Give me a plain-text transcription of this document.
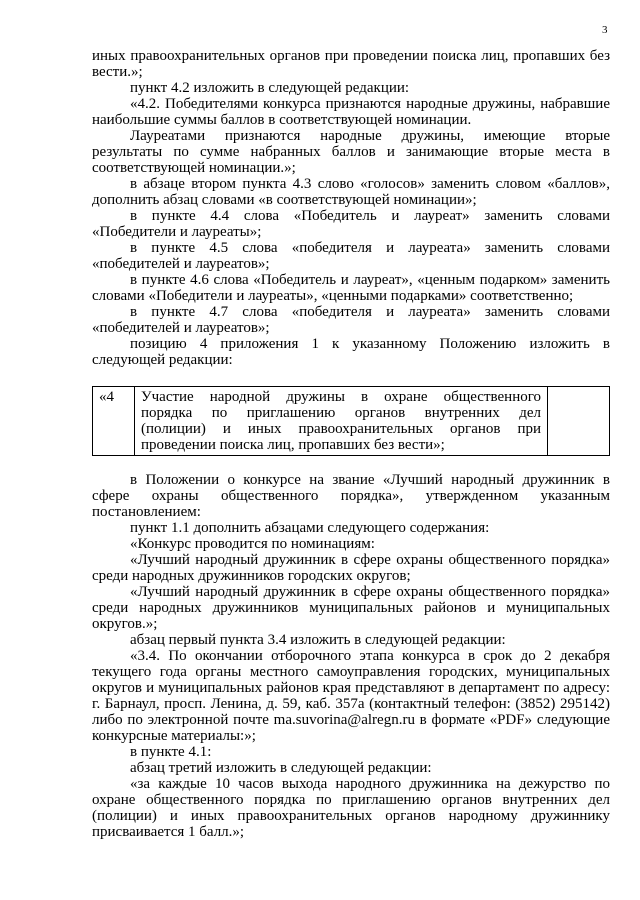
3

иных правоохранительных органов при проведении поиска лиц, пропавших без

вести.»;

пункт 4.2 изложить в следующей редакции:

«4.2. Победителями конкурса признаются народные дружины, набравшие

наибольшие суммы баллов в соответствующей номинации.

Лауреатами признаются народные дружины, имеющие вторые

результаты по сумме набранных баллов и занимающие вторые места в

соответствующей номинации.»;

в абзаце втором пункта 4.3 слово «голосов» заменить словом «баллов»,

дополнить абзац словами «в соответствующей номинации»;

в пункте 4.4 слова «Победитель и лауреат» заменить словами

«Победители и лауреаты»;

в пункте 4.5 слова «победителя и лауреата» заменить словами

«победителей и лауреатов»;

в пункте 4.6 слова «Победитель и лауреат», «ценным подарком» заменить

словами «Победители и лауреаты», «ценными подарками» соответственно;

в пункте 4.7 слова «победителя и лауреата» заменить словами

«победителей и лауреатов»;

позицию 4 приложения 1 к указанному Положению изложить в

следующей редакции:

«4	Участие народной дружины в охране общественного

порядка по приглашению органов внутренних дел

(полиции) и иных правоохранительных органов при

проведении поиска лиц, пропавших без вести»;

в Положении о конкурсе на звание «Лучший народный дружинник в

сфере охраны общественного порядка», утвержденном указанным

постановлением:

пункт 1.1 дополнить абзацами следующего содержания:

«Конкурс проводится по номинациям:

«Лучший народный дружинник в сфере охраны общественного порядка»

среди народных дружинников городских округов;

«Лучший народный дружинник в сфере охраны общественного порядка»

среди народных дружинников муниципальных районов и муниципальных

округов.»;

абзац первый пункта 3.4 изложить в следующей редакции:

«3.4. По окончании отборочного этапа конкурса в срок до 2 декабря

текущего года органы местного самоуправления городских, муниципальных

округов и муниципальных районов края представляют в департамент по адресу:

г. Барнаул, просп. Ленина, д. 59, каб. 357а (контактный телефон: (3852) 295142)

либо по электронной почте ma.suvorina@alregn.ru в формате «PDF» следующие

конкурсные материалы:»;

в пункте 4.1:

абзац третий изложить в следующей редакции:

«за каждые 10 часов выхода народного дружинника на дежурство по

охране общественного порядка по приглашению органов внутренних дел

(полиции) и иных правоохранительных органов народному дружиннику

присваивается 1 балл.»;
